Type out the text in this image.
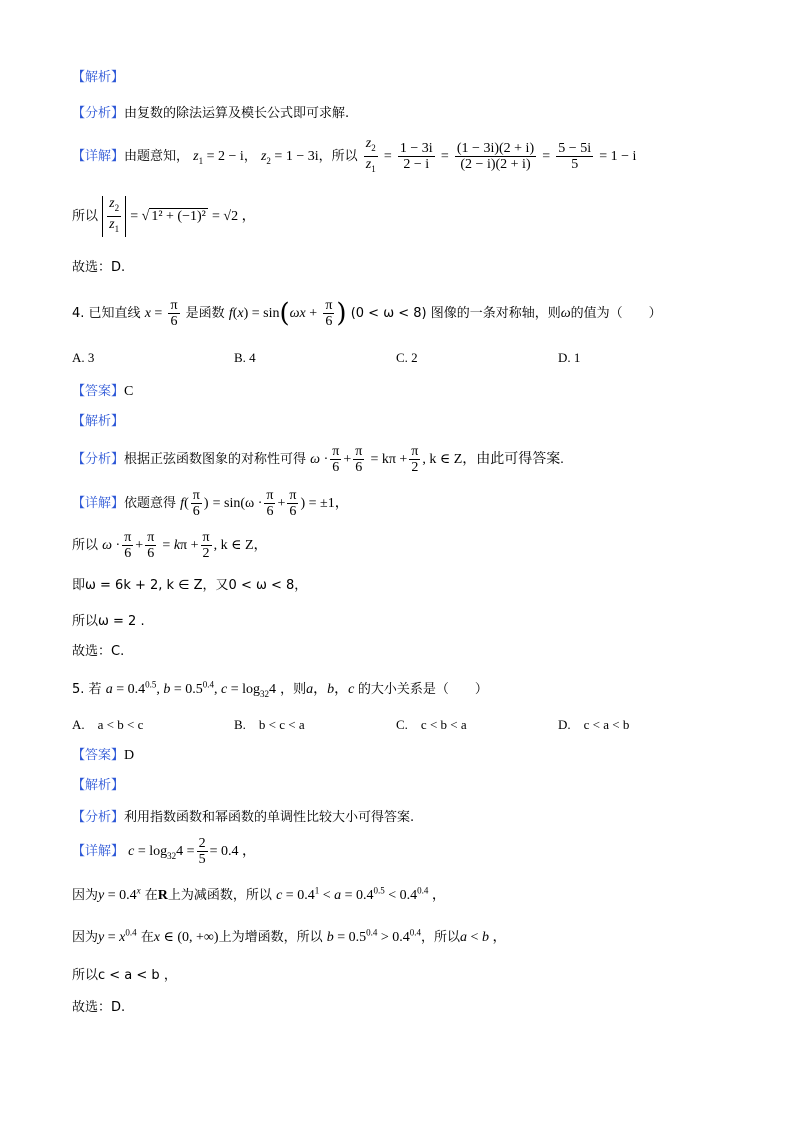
【解析】
【分析】由复数的除法运算及模长公式即可求解.
【详解】由题意知， $z_1 = 2 - i$， $z_2 = 1 - 3i$，所以 $\frac{z_2}{z_1} = \frac{1 - 3i}{2 - i} = \frac{(1 - 3i)(2 + i)}{(2 - i)(2 + i)} = \frac{5 - 5i}{5} = 1 - i$
所以 $\frac{z_2}{z_1}$ = √ 1² + (−1)² = √2 ，
故选：D.
4. 已知直线 $x = \frac{\pi}{6}$ 是函数 $f(x) = \sin(\omega x + \frac{\pi}{6}$ ) (0 < ω < 8) 图像的一条对称轴，则ω的值为（　　）
A. 3	B. 4	C. 2	D. 1
【答案】C
【解析】
【分析】根据正弦函数图象的对称性可得 $\omega \cdot \frac{\pi}{6} + \frac{\pi}{6} = k\pi + \frac{\pi}{2}$ , k ∈ Z，由此可得答案.
【详解】依题意得 $f( \frac{\pi}{6}$ ) = $\sin(\omega \cdot \frac{\pi}{6} + \frac{\pi}{6}$ ) = ±1，
所以 $\omega \cdot \frac{\pi}{6} + \frac{\pi}{6} = k\pi + \frac{\pi}{2}$ , k ∈ Z，
即ω = 6k + 2, k ∈ Z，又0 < ω < 8，
所以ω = 2 .
故选：C.
5. 若 $a = 0.4^{0.5}$, $b = 0.5^{0.4}$, $c = \log_{32}4$ ，则a，b，c 的大小关系是（　　）
A.　a < b < c	B.　b < c < a	C.　c < b < a	D.　c < a < b
【答案】D
【解析】
【分析】利用指数函数和幂函数的单调性比较大小可得答案.
【详解】 $c = \log_{32}4 = \frac{2}{5} = 0.4$ ，
因为$y = 0.4^x$ 在R上为减函数，所以 $c = 0.4^1 < a = 0.4^{0.5} < 0.4^{0.4}$ ，
因为$y = x^{0.4}$ 在x ∈ (0, +∞)上为增函数，所以 $b = 0.5^{0.4} > 0.4^{0.4}$，所以a < b ，
所以c < a < b ，
故选：D.
